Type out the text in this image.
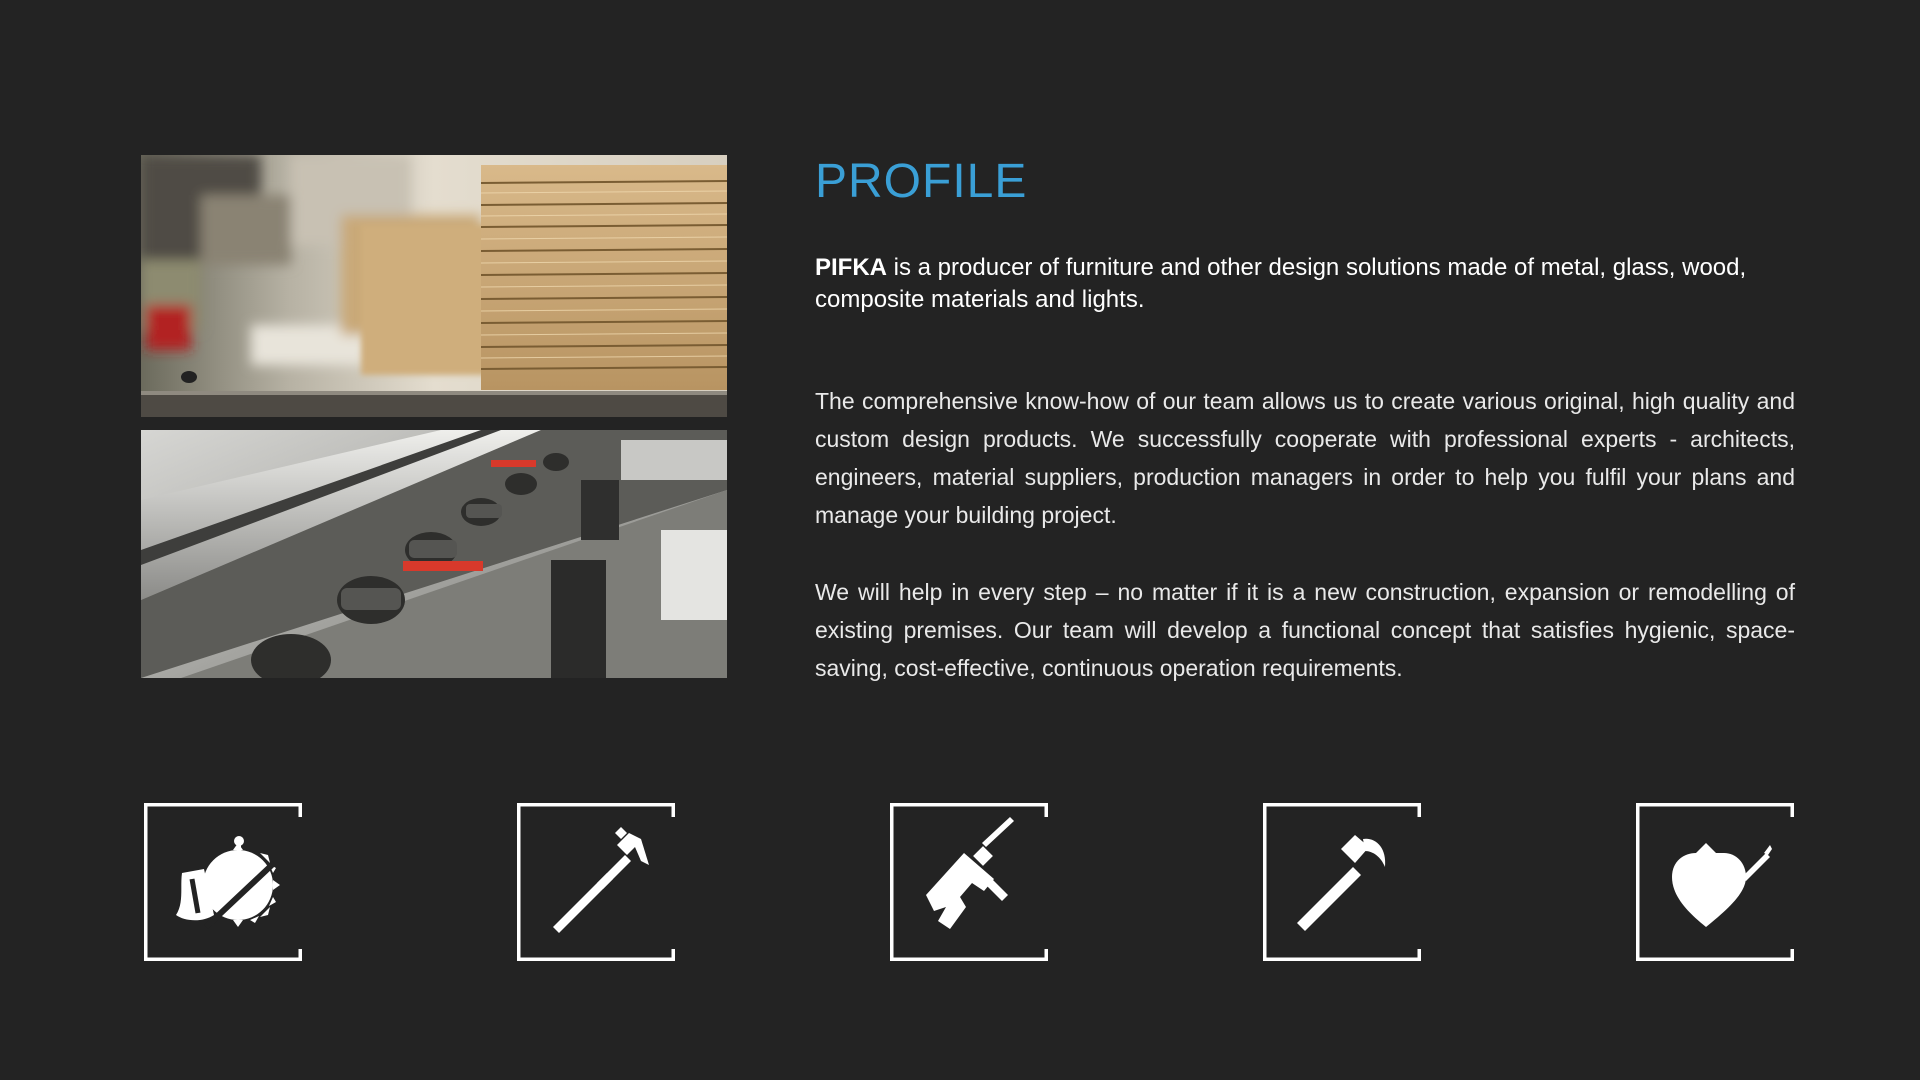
PROFILE

PIFKA is a producer of furniture and other design solutions made of metal, glass, wood, composite materials and lights.

The comprehensive know-how of our team allows us to create various original, high quality and custom design products. We successfully cooperate with professional experts - architects, engineers, material suppliers, production managers in order to help you fulfil your plans and manage your building project.

We will help in every step – no matter if it is a new construction, expansion or remodelling of existing premises. Our team will develop a functional concept that satisfies hygienic, space-saving, cost-effective, continuous operation requirements.
